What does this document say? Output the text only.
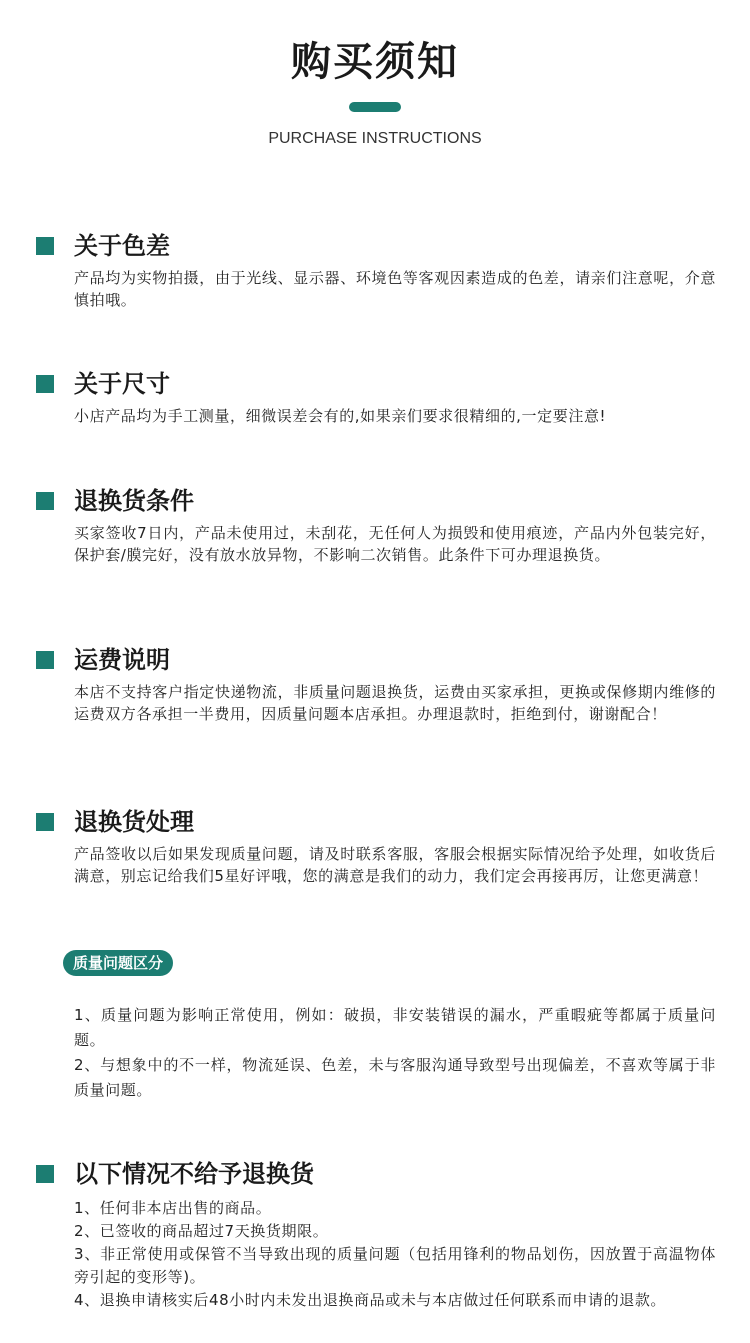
购买须知
PURCHASE INSTRUCTIONS
关于色差
产品均为实物拍摄，由于光线、显示器、环境色等客观因素造成的色差，请亲们注意呢，介意慎拍哦。
关于尺寸
小店产品均为手工测量，细微误差会有的,如果亲们要求很精细的,一定要注意!
退换货条件
买家签收7日内，产品未使用过，未刮花，无任何人为损毁和使用痕迹，产品内外包装完好，保护套/膜完好，没有放水放异物，不影响二次销售。此条件下可办理退换货。
运费说明
本店不支持客户指定快递物流，非质量问题退换货，运费由买家承担，更换或保修期内维修的运费双方各承担一半费用，因质量问题本店承担。办理退款时，拒绝到付，谢谢配合！
退换货处理
产品签收以后如果发现质量问题，请及时联系客服，客服会根据实际情况给予处理，如收货后满意，别忘记给我们5星好评哦，您的满意是我们的动力，我们定会再接再厉，让您更满意！
质量问题区分
1、质量问题为影响正常使用，例如：破损，非安装错误的漏水，严重暇疵等都属于质量问题。
2、与想象中的不一样，物流延误、色差，未与客服沟通导致型号出现偏差，不喜欢等属于非质量问题。
以下情况不给予退换货
1、任何非本店出售的商品。
2、已签收的商品超过7天换货期限。
3、非正常使用或保管不当导致出现的质量问题（包括用锋利的物品划伤，因放置于高温物体旁引起的变形等)。
4、退换申请核实后48小时内未发出退换商品或未与本店做过任何联系而申请的退款。
